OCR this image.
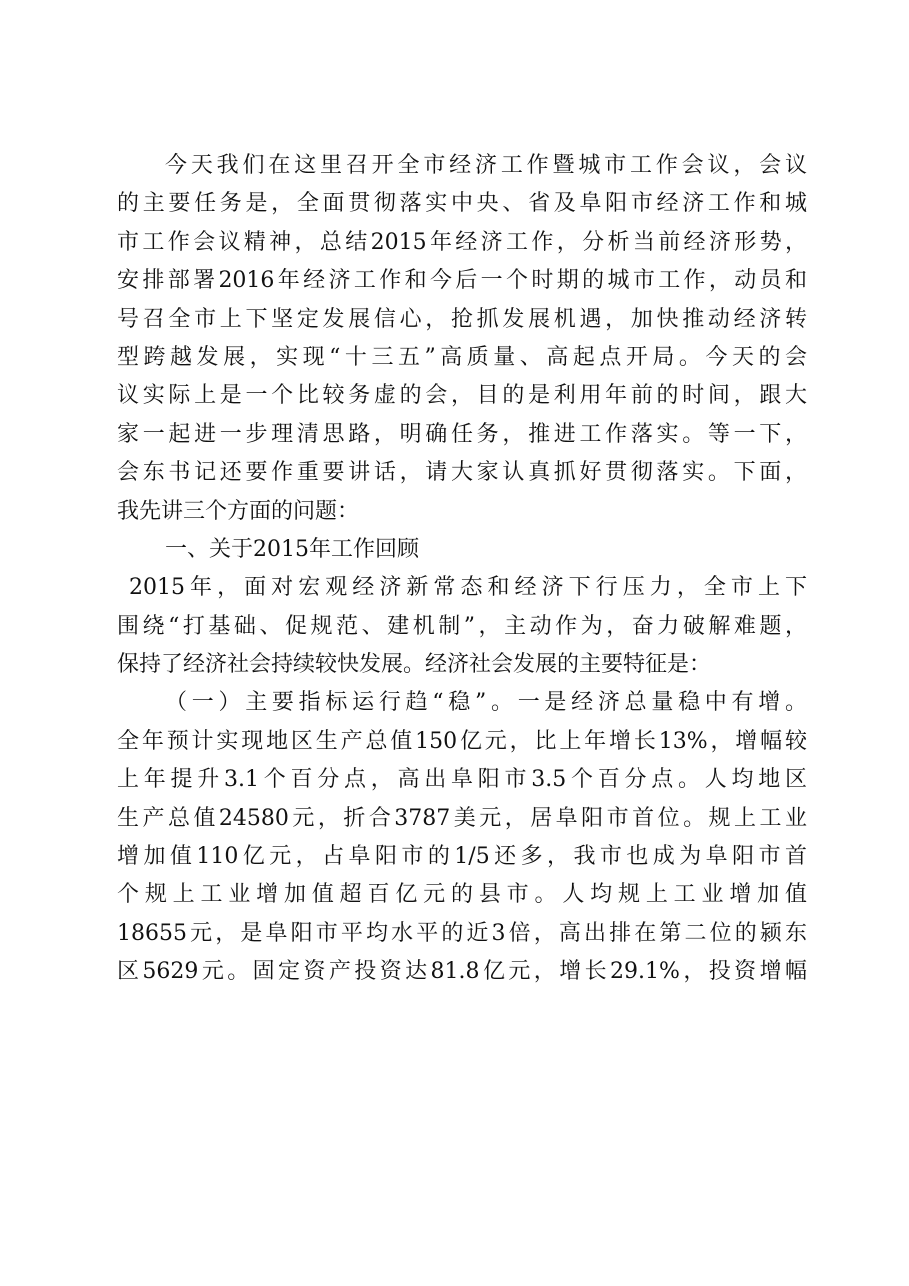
今天我们在这里召开全市经济工作暨城市工作会议，会议
的主要任务是，全面贯彻落实中央、省及阜阳市经济工作和城
市工作会议精神，总结2015年经济工作，分析当前经济形势，
安排部署2016年经济工作和今后一个时期的城市工作，动员和
号召全市上下坚定发展信心，抢抓发展机遇，加快推动经济转
型跨越发展，实现“十三五”高质量、高起点开局。今天的会
议实际上是一个比较务虚的会，目的是利用年前的时间，跟大
家一起进一步理清思路，明确任务，推进工作落实。等一下，
会东书记还要作重要讲话，请大家认真抓好贯彻落实。下面，
我先讲三个方面的问题：
一、关于2015年工作回顾
2015年，面对宏观经济新常态和经济下行压力，全市上下
围绕“打基础、促规范、建机制”，主动作为，奋力破解难题，
保持了经济社会持续较快发展。经济社会发展的主要特征是：
（一）主要指标运行趋“稳”。一是经济总量稳中有增。
全年预计实现地区生产总值150亿元，比上年增长13%，增幅较
上年提升3.1个百分点，高出阜阳市3.5个百分点。人均地区
生产总值24580元，折合3787美元，居阜阳市首位。规上工业
增加值110亿元，占阜阳市的1/5还多，我市也成为阜阳市首
个规上工业增加值超百亿元的县市。人均规上工业增加值
18655元，是阜阳市平均水平的近3倍，高出排在第二位的颍东
区5629元。固定资产投资达81.8亿元，增长29.1%，投资增幅
